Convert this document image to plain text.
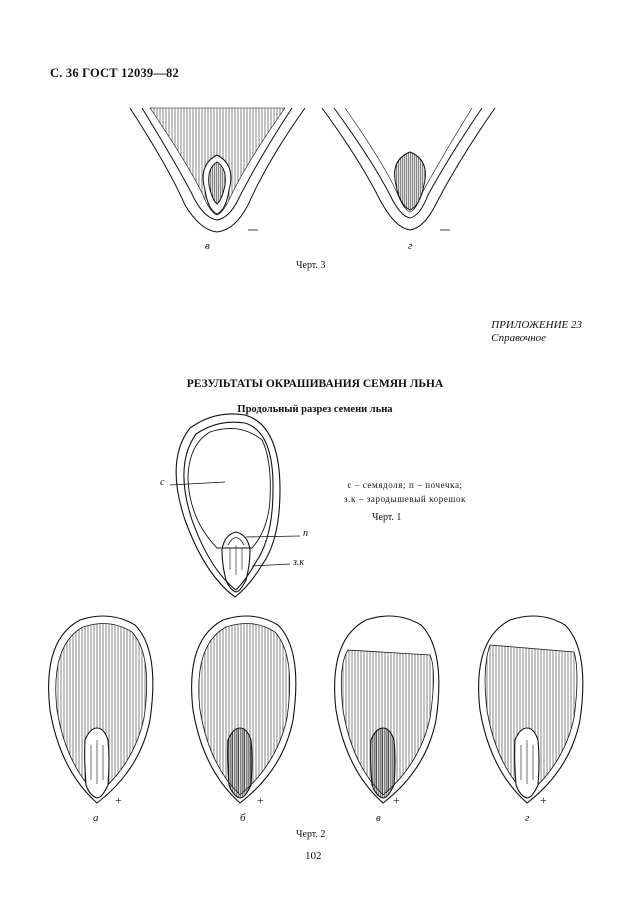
С. 36 ГОСТ 12039—82
в	г
Черт. 3
ПРИЛОЖЕНИЕ 23
Справочное
РЕЗУЛЬТАТЫ ОКРАШИВАНИЯ СЕМЯН ЛЬНА
Продольный разрез семени льна
c
п
з.к
с – семядоля; п – почечка;
з.к – зародышевый корешок
Черт. 1
+	+	+	+
а	б	в	г
Черт. 2
102
